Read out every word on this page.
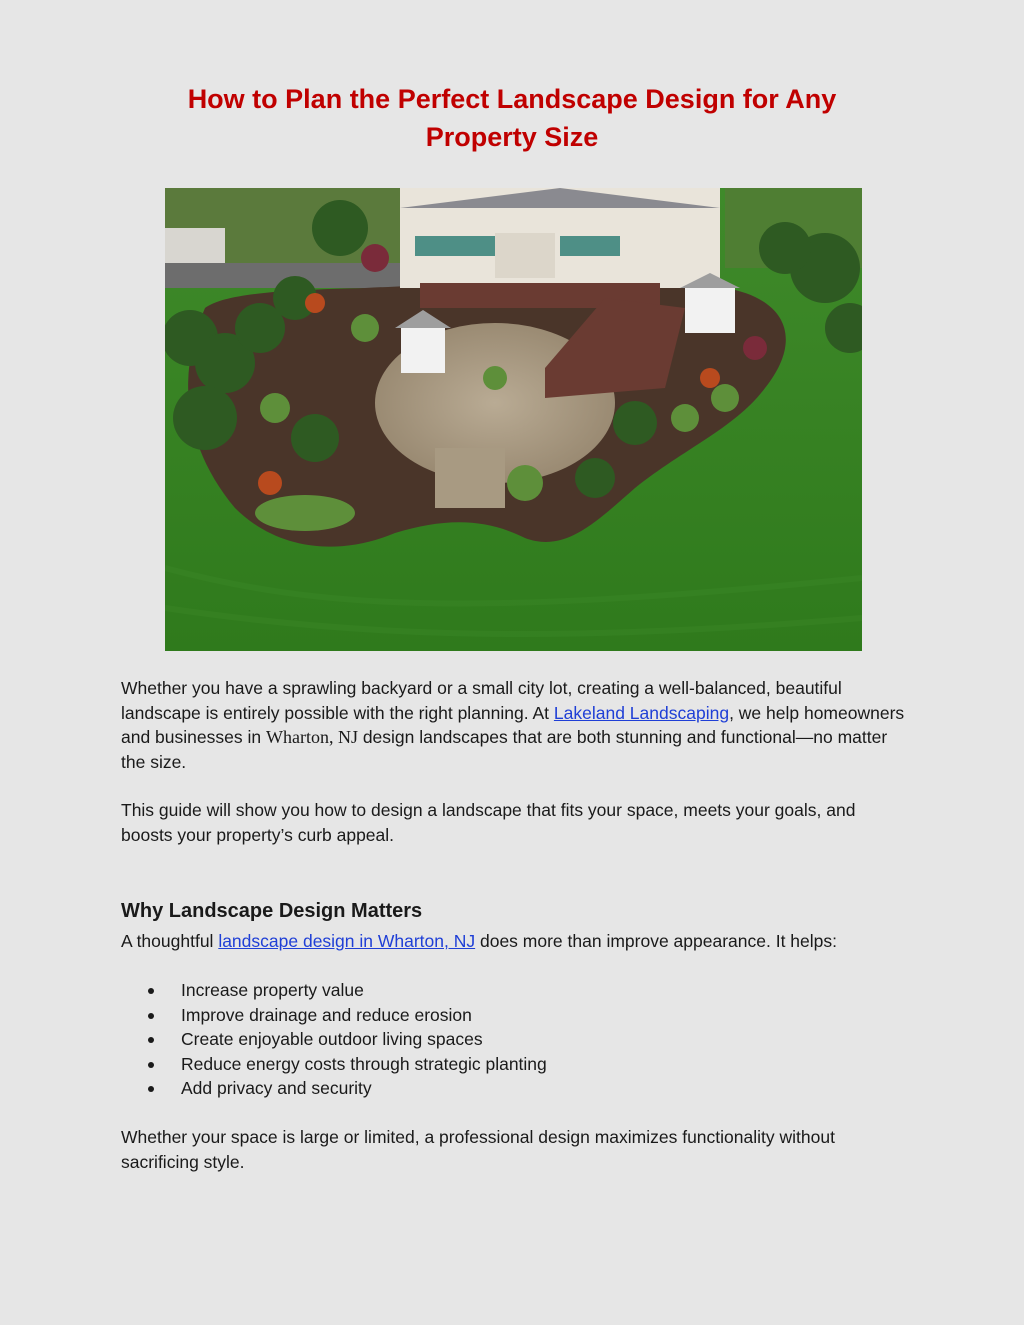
How to Plan the Perfect Landscape Design for Any Property Size

Whether you have a sprawling backyard or a small city lot, creating a well-balanced, beautiful landscape is entirely possible with the right planning. At Lakeland Landscaping, we help homeowners and businesses in Wharton, NJ design landscapes that are both stunning and functional—no matter the size.

This guide will show you how to design a landscape that fits your space, meets your goals, and boosts your property’s curb appeal.

Why Landscape Design Matters

A thoughtful landscape design in Wharton, NJ does more than improve appearance. It helps:

Increase property value
Improve drainage and reduce erosion
Create enjoyable outdoor living spaces
Reduce energy costs through strategic planting
Add privacy and security

Whether your space is large or limited, a professional design maximizes functionality without sacrificing style.
